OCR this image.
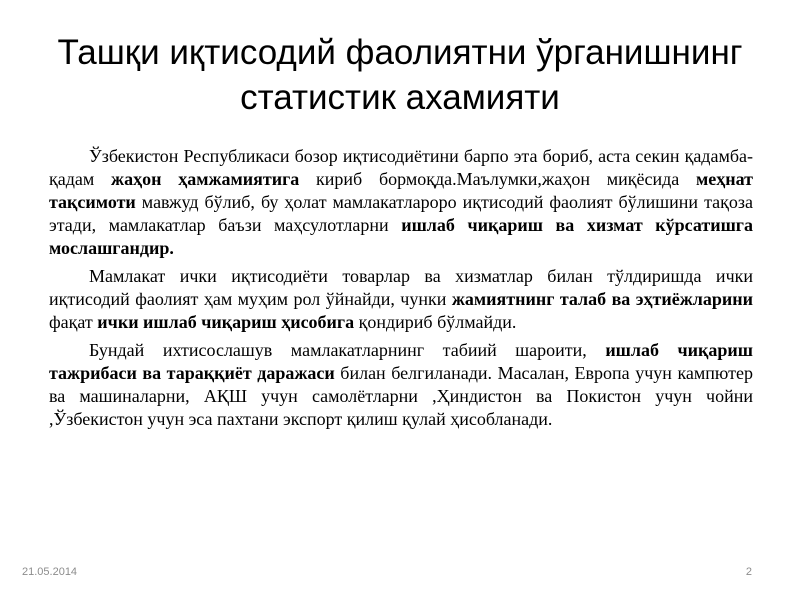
Ташқи иқтисодий фаолиятни ўрганишнинг статистик ахамияти

Ўзбекистон Республикаси бозор иқтисодиётини барпо эта бориб, аста секин қадамба- қадам жаҳон ҳамжамиятига кириб бормоқда.Маълумки,жаҳон миқёсида меҳнат тақсимоти мавжуд бўлиб, бу ҳолат мамлакатлароро иқтисодий фаолият бўлишини тақоза этади, мамлакатлар баъзи маҳсулотларни ишлаб чиқариш ва хизмат кўрсатишга мослашгандир.

Мамлакат ички иқтисодиёти товарлар ва хизматлар билан тўлдиришда ички иқтисодий фаолият ҳам муҳим рол ўйнайди, чунки жамиятнинг талаб ва эҳтиёжларини фақат ички ишлаб чиқариш ҳисобига қондириб бўлмайди.

Бундай ихтисослашув мамлакатларнинг табиий шароити, ишлаб чиқариш тажрибаси ва тараққиёт даражаси билан белгиланади. Масалан, Европа учун кампютер ва машиналарни, АҚШ учун самолётларни ,Ҳиндистон ва Покистон учун чойни ,Ўзбекистон учун эса пахтани экспорт қилиш қулай ҳисобланади.

21.05.2014	2
